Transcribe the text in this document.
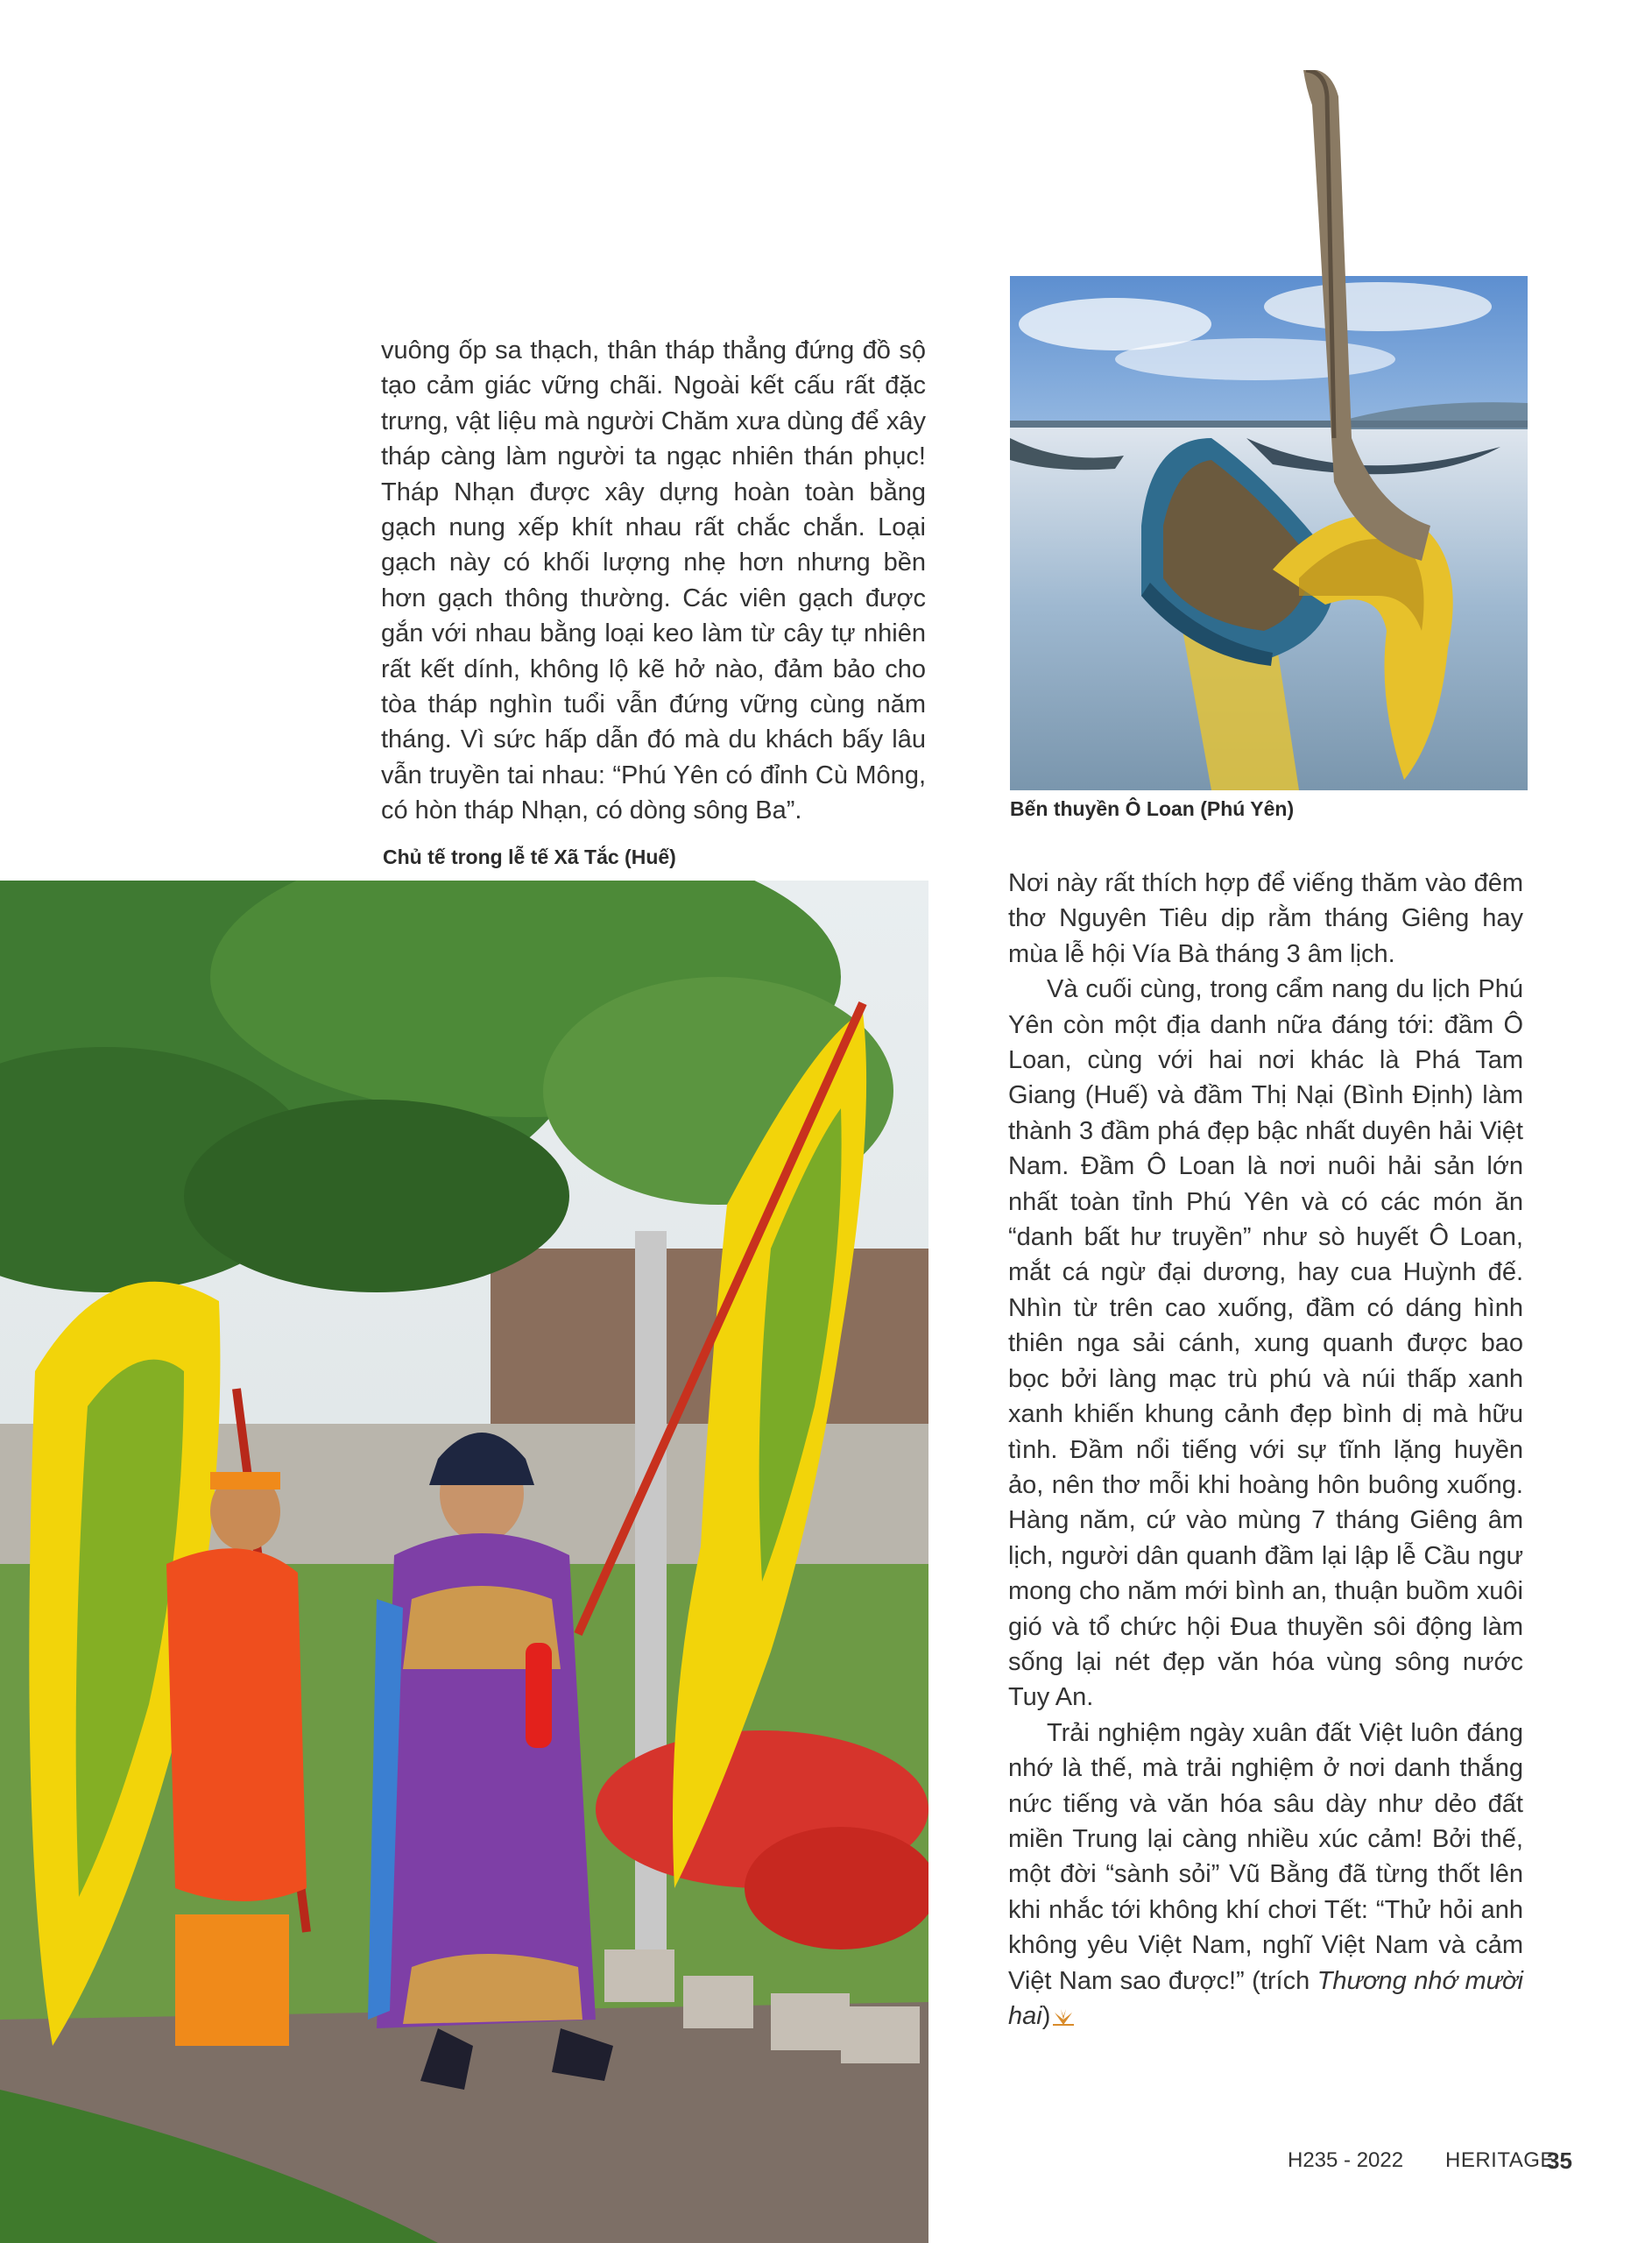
vuông ốp sa thạch, thân tháp thẳng đứng đồ sộ tạo cảm giác vững chãi. Ngoài kết cấu rất đặc trưng, vật liệu mà người Chăm xưa dùng để xây tháp càng làm người ta ngạc nhiên thán phục! Tháp Nhạn được xây dựng hoàn toàn bằng gạch nung xếp khít nhau rất chắc chắn. Loại gạch này có khối lượng nhẹ hơn nhưng bền hơn gạch thông thường. Các viên gạch được gắn với nhau bằng loại keo làm từ cây tự nhiên rất kết dính, không lộ kẽ hở nào, đảm bảo cho tòa tháp nghìn tuổi vẫn đứng vững cùng năm tháng. Vì sức hấp dẫn đó mà du khách bấy lâu vẫn truyền tai nhau: “Phú Yên có đỉnh Cù Mông, có hòn tháp Nhạn, có dòng sông Ba”.	Bến thuyền Ô Loan (Phú Yên)
Chủ tế trong lễ tế Xã Tắc (Huế)

Nơi này rất thích hợp để viếng thăm vào đêm thơ Nguyên Tiêu dịp rằm tháng Giêng hay mùa lễ hội Vía Bà tháng 3 âm lịch.

Và cuối cùng, trong cẩm nang du lịch Phú Yên còn một địa danh nữa đáng tới: đầm Ô Loan, cùng với hai nơi khác là Phá Tam Giang (Huế) và đầm Thị Nại (Bình Định) làm thành 3 đầm phá đẹp bậc nhất duyên hải Việt Nam. Đầm Ô Loan là nơi nuôi hải sản lớn nhất toàn tỉnh Phú Yên và có các món ăn “danh bất hư truyền” như sò huyết Ô Loan, mắt cá ngừ đại dương, hay cua Huỳnh đế. Nhìn từ trên cao xuống, đầm có dáng hình thiên nga sải cánh, xung quanh được bao bọc bởi làng mạc trù phú và núi thấp xanh xanh khiến khung cảnh đẹp bình dị mà hữu tình. Đầm nổi tiếng với sự tĩnh lặng huyền ảo, nên thơ mỗi khi hoàng hôn buông xuống. Hàng năm, cứ vào mùng 7 tháng Giêng âm lịch, người dân quanh đầm lại lập lễ Cầu ngư mong cho năm mới bình an, thuận buồm xuôi gió và tổ chức hội Đua thuyền sôi động làm sống lại nét đẹp văn hóa vùng sông nước Tuy An.

Trải nghiệm ngày xuân đất Việt luôn đáng nhớ là thế, mà trải nghiệm ở nơi danh thắng nức tiếng và văn hóa sâu dày như dẻo đất miền Trung lại càng nhiều xúc cảm! Bởi thế, một đời “sành sỏi” Vũ Bằng đã từng thốt lên khi nhắc tới không khí chơi Tết: “Thử hỏi anh không yêu Việt Nam, nghĩ Việt Nam và cảm Việt Nam sao được!” (trích Thương nhớ mười hai)

H235 - 2022 HERITAGE
35
